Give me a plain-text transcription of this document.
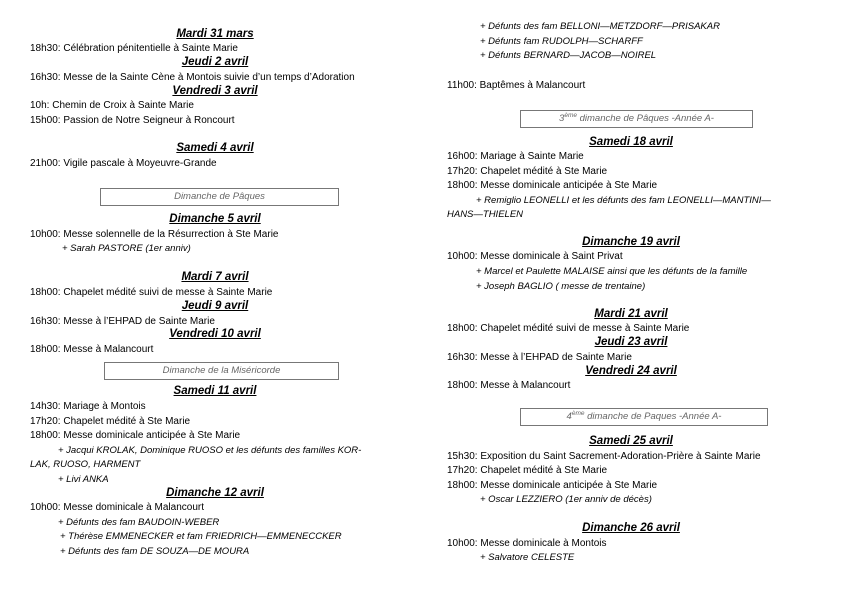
Mardi 31 mars
18h30: Célébration pénitentielle à Sainte Marie
Jeudi 2 avril
16h30: Messe de la Sainte Cène à Montois suivie d’un temps d’Adoration
Vendredi 3 avril
10h: Chemin de Croix à Sainte Marie
15h00: Passion de Notre Seigneur à Roncourt
Samedi 4 avril
21h00: Vigile pascale à Moyeuvre-Grande
Dimanche de Pâques
Dimanche 5 avril
10h00: Messe solennelle de la Résurrection à Ste Marie
+ Sarah PASTORE (1er anniv)
Mardi 7 avril
18h00: Chapelet médité suivi de messe à Sainte Marie
Jeudi 9 avril
16h30: Messe à l’EHPAD de Sainte Marie
Vendredi 10 avril
18h00: Messe à Malancourt
Dimanche de la Miséricorde
Samedi 11 avril
14h30: Mariage à Montois
17h20: Chapelet médité à Ste Marie
18h00: Messe dominicale anticipée à Ste Marie
+ Jacqui KROLAK, Dominique RUOSO et les défunts des familles KOR-
LAK, RUOSO, HARMENT
+ Livi ANKA
Dimanche 12 avril
10h00: Messe dominicale à Malancourt
+ Défunts des fam BAUDOIN-WEBER
+ Thérèse EMMENECKER et fam FRIEDRICH—EMMENECCKER
+ Défunts des fam DE SOUZA—DE MOURA
+ Défunts des fam BELLONI—METZDORF—PRISAKAR
+ Défunts fam RUDOLPH—SCHARFF
+ Défunts BERNARD—JACOB—NOIREL
11h00: Baptêmes à Malancourt
3ème dimanche de Pâques -Année A-
Samedi 18 avril
16h00: Mariage à Sainte Marie
17h20: Chapelet médité à Ste Marie
18h00: Messe dominicale anticipée à Ste Marie
+ Remiglio LEONELLI et les défunts des fam LEONELLI—MANTINI—
HANS—THIELEN
Dimanche 19 avril
10h00: Messe dominicale à Saint Privat
+ Marcel et Paulette MALAISE ainsi que les défunts de la famille
+ Joseph BAGLIO ( messe de trentaine)
Mardi 21 avril
18h00: Chapelet médité suivi de messe à Sainte Marie
Jeudi 23 avril
16h30: Messe à l’EHPAD de Sainte Marie
Vendredi 24 avril
18h00: Messe à Malancourt
4ème dimanche de Paques -Année A-
Samedi 25 avril
15h30: Exposition du Saint Sacrement-Adoration-Prière à Sainte Marie
17h20: Chapelet médité à Ste Marie
18h00: Messe dominicale anticipée à Ste Marie
+ Oscar LEZZIERO (1er anniv de décès)
Dimanche 26 avril
10h00: Messe dominicale à Montois
+ Salvatore CELESTE
